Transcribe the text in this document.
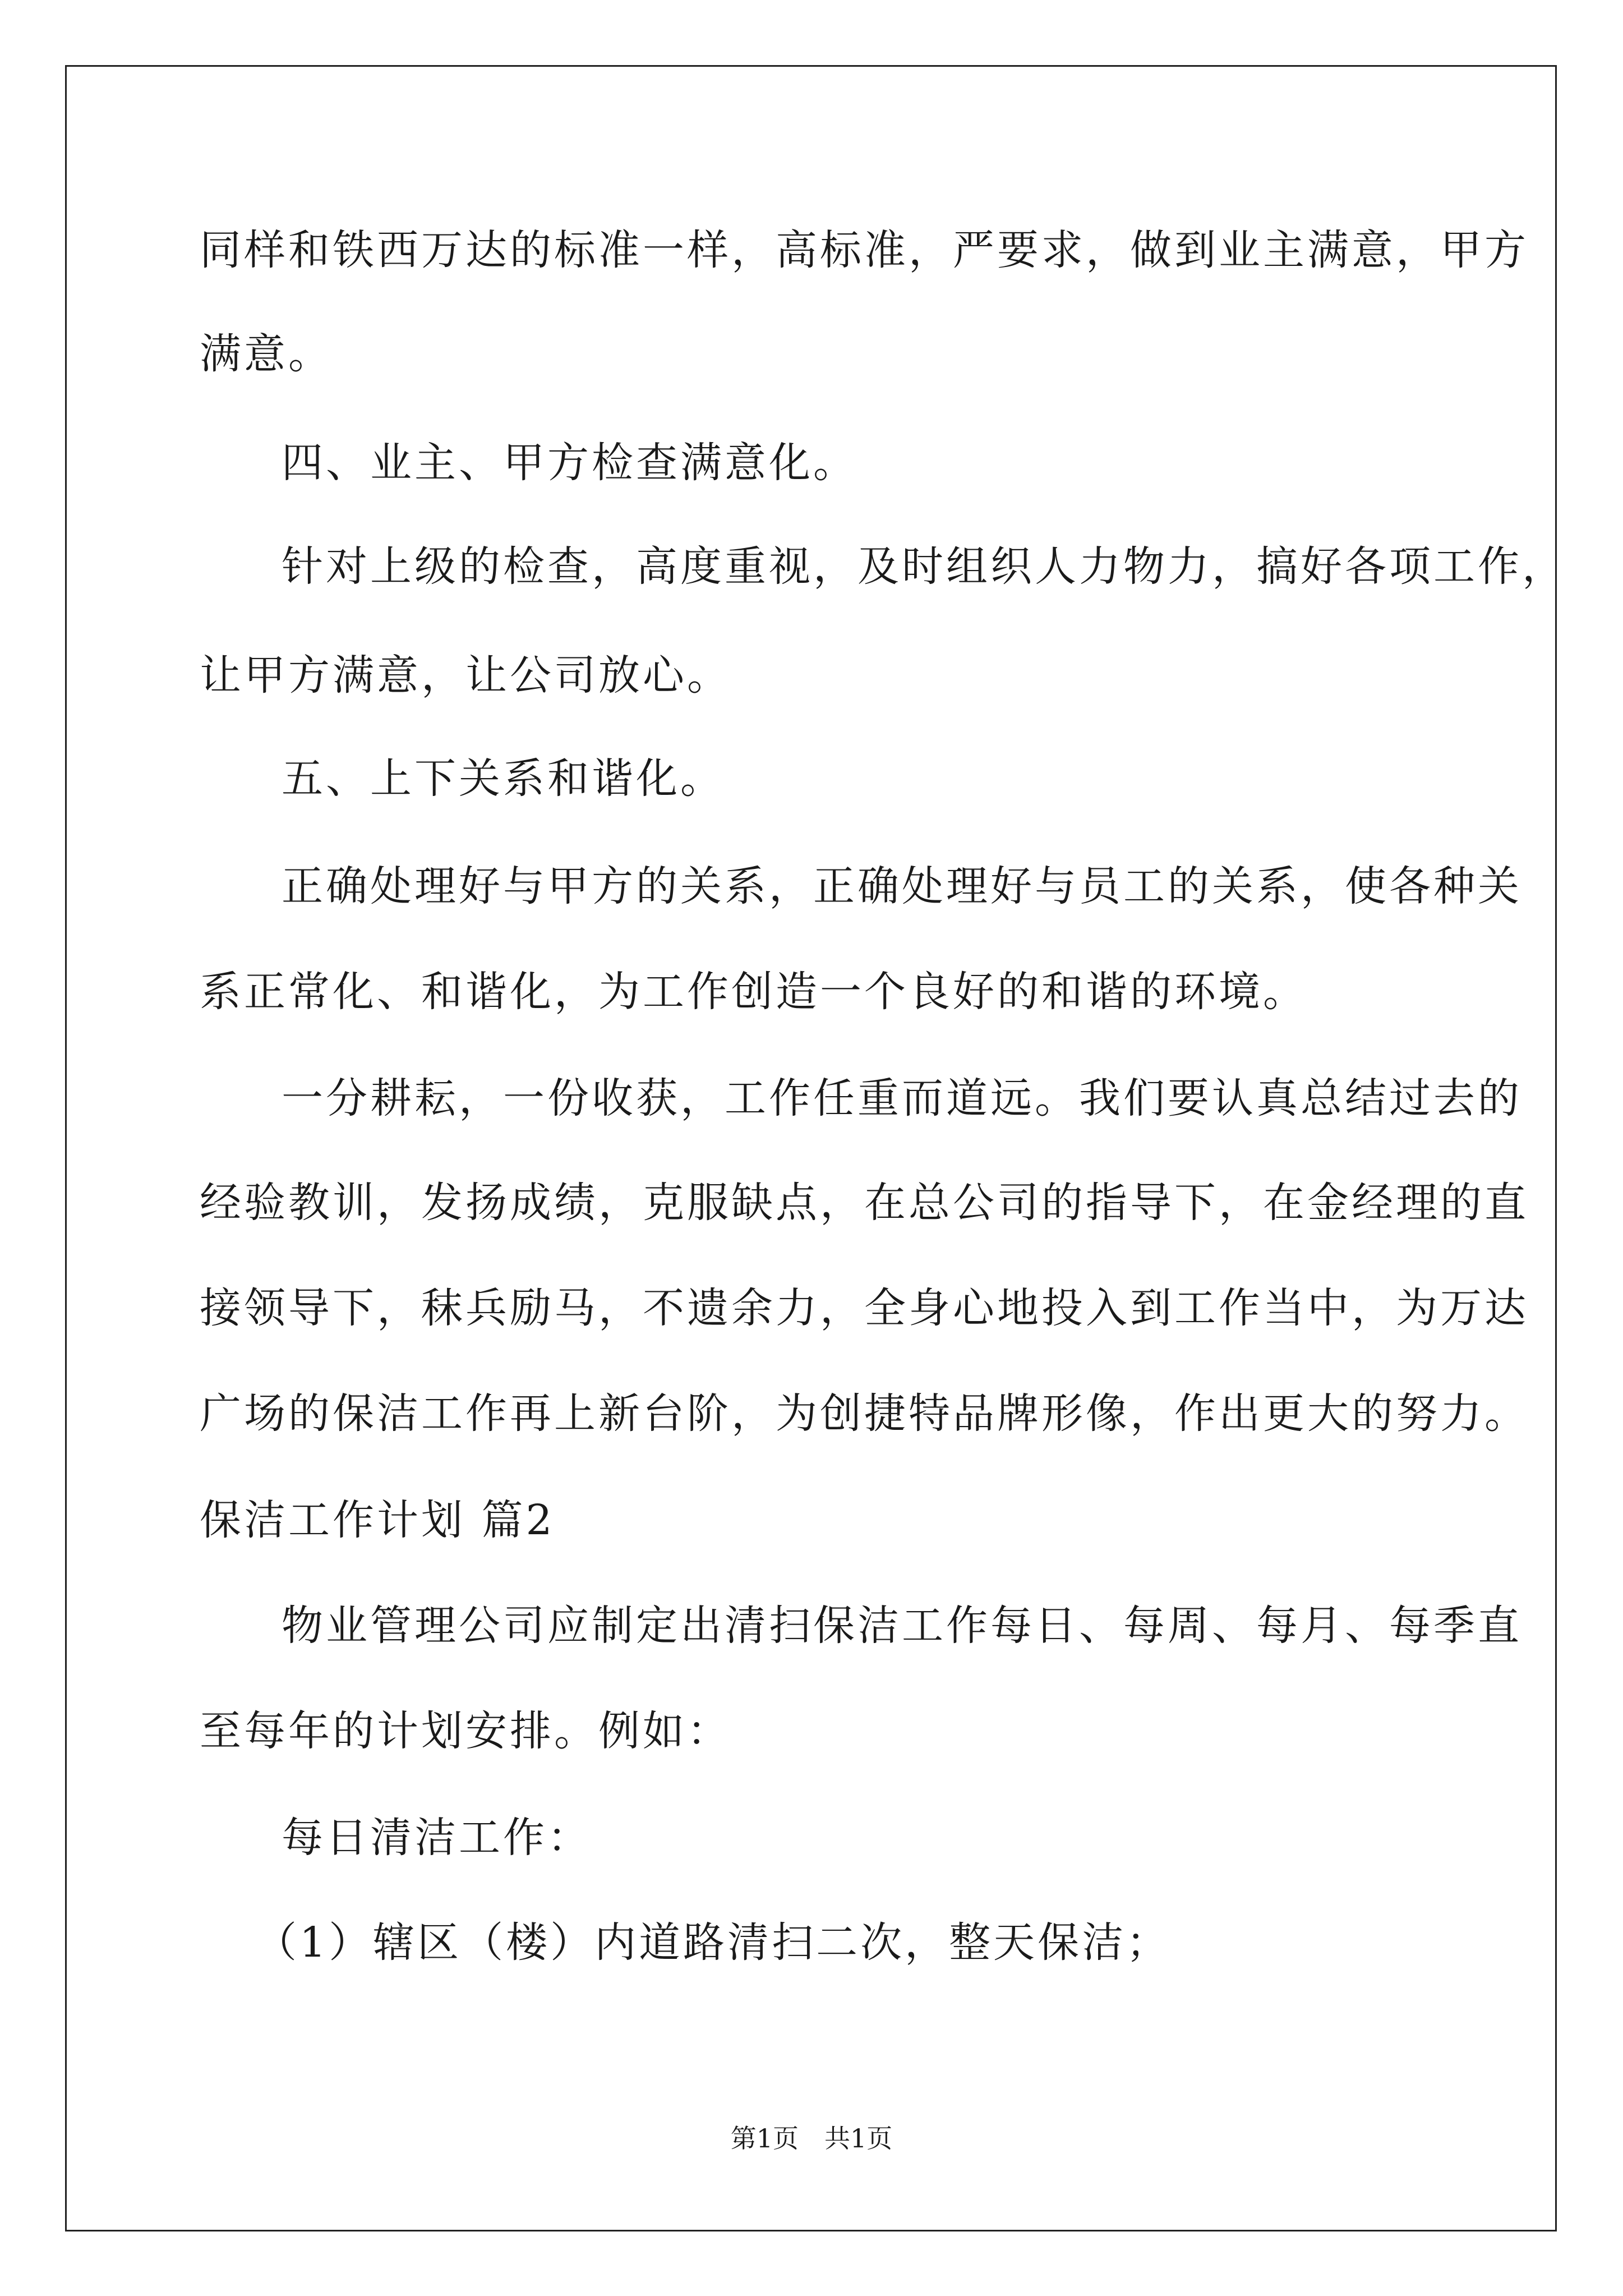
同样和铁西万达的标准一样，高标准，严要求，做到业主满意，甲方
满意。
四、业主、甲方检查满意化。
针对上级的检查，高度重视，及时组织人力物力，搞好各项工作，
让甲方满意，让公司放心。
五、上下关系和谐化。
正确处理好与甲方的关系，正确处理好与员工的关系，使各种关
系正常化、和谐化，为工作创造一个良好的和谐的环境。
一分耕耘，一份收获，工作任重而道远。我们要认真总结过去的
经验教训，发扬成绩，克服缺点，在总公司的指导下，在金经理的直
接领导下，秣兵励马，不遗余力，全身心地投入到工作当中，为万达
广场的保洁工作再上新台阶，为创捷特品牌形像，作出更大的努力。
保洁工作计划 篇2
物业管理公司应制定出清扫保洁工作每日、每周、每月、每季直
至每年的计划安排。例如：
每日清洁工作：
（1）辖区（楼）内道路清扫二次，整天保洁；
第1页　共1页
